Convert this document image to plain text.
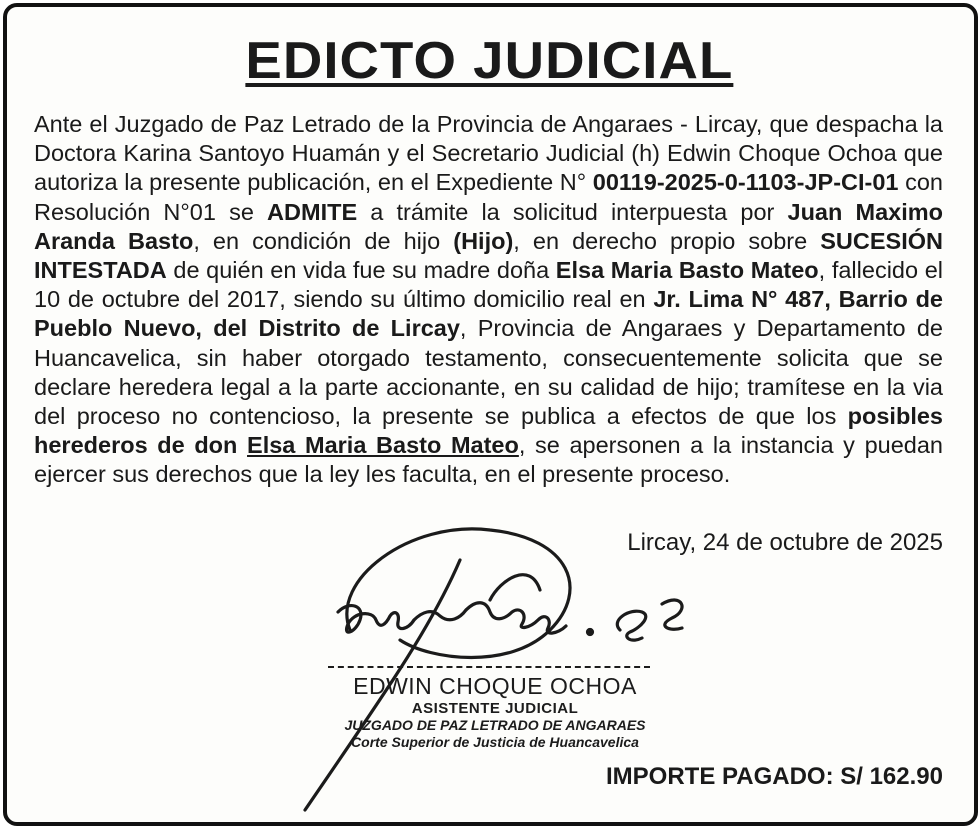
EDICTO JUDICIAL
Ante el Juzgado de Paz Letrado de la Provincia de Angaraes - Lircay, que despacha la Doctora Karina Santoyo Huamán y el Secretario Judicial (h) Edwin Choque Ochoa que autoriza la presente publicación, en el Expediente N° 00119-2025-0-1103-JP-CI-01 con Resolución N°01 se ADMITE a trámite la solicitud interpuesta por Juan Maximo Aranda Basto, en condición de hijo (Hijo), en derecho propio sobre SUCESIÓN INTESTADA de quién en vida fue su madre doña Elsa Maria Basto Mateo, fallecido el 10 de octubre del 2017, siendo su último domicilio real en Jr. Lima N° 487, Barrio de Pueblo Nuevo, del Distrito de Lircay, Provincia de Angaraes y Departamento de Huancavelica, sin haber otorgado testamento, consecuentemente solicita que se declare heredera legal a la parte accionante, en su calidad de hijo; tramítese en la via del proceso no contencioso, la presente se publica a efectos de que los posibles herederos de don Elsa Maria Basto Mateo, se apersonen a la instancia y puedan ejercer sus derechos que la ley les faculta, en el presente proceso.
Lircay, 24 de octubre de 2025
EDWIN CHOQUE OCHOA
ASISTENTE JUDICIAL
JUZGADO DE PAZ LETRADO DE ANGARAES
Corte Superior de Justicia de Huancavelica
IMPORTE PAGADO: S/ 162.90
